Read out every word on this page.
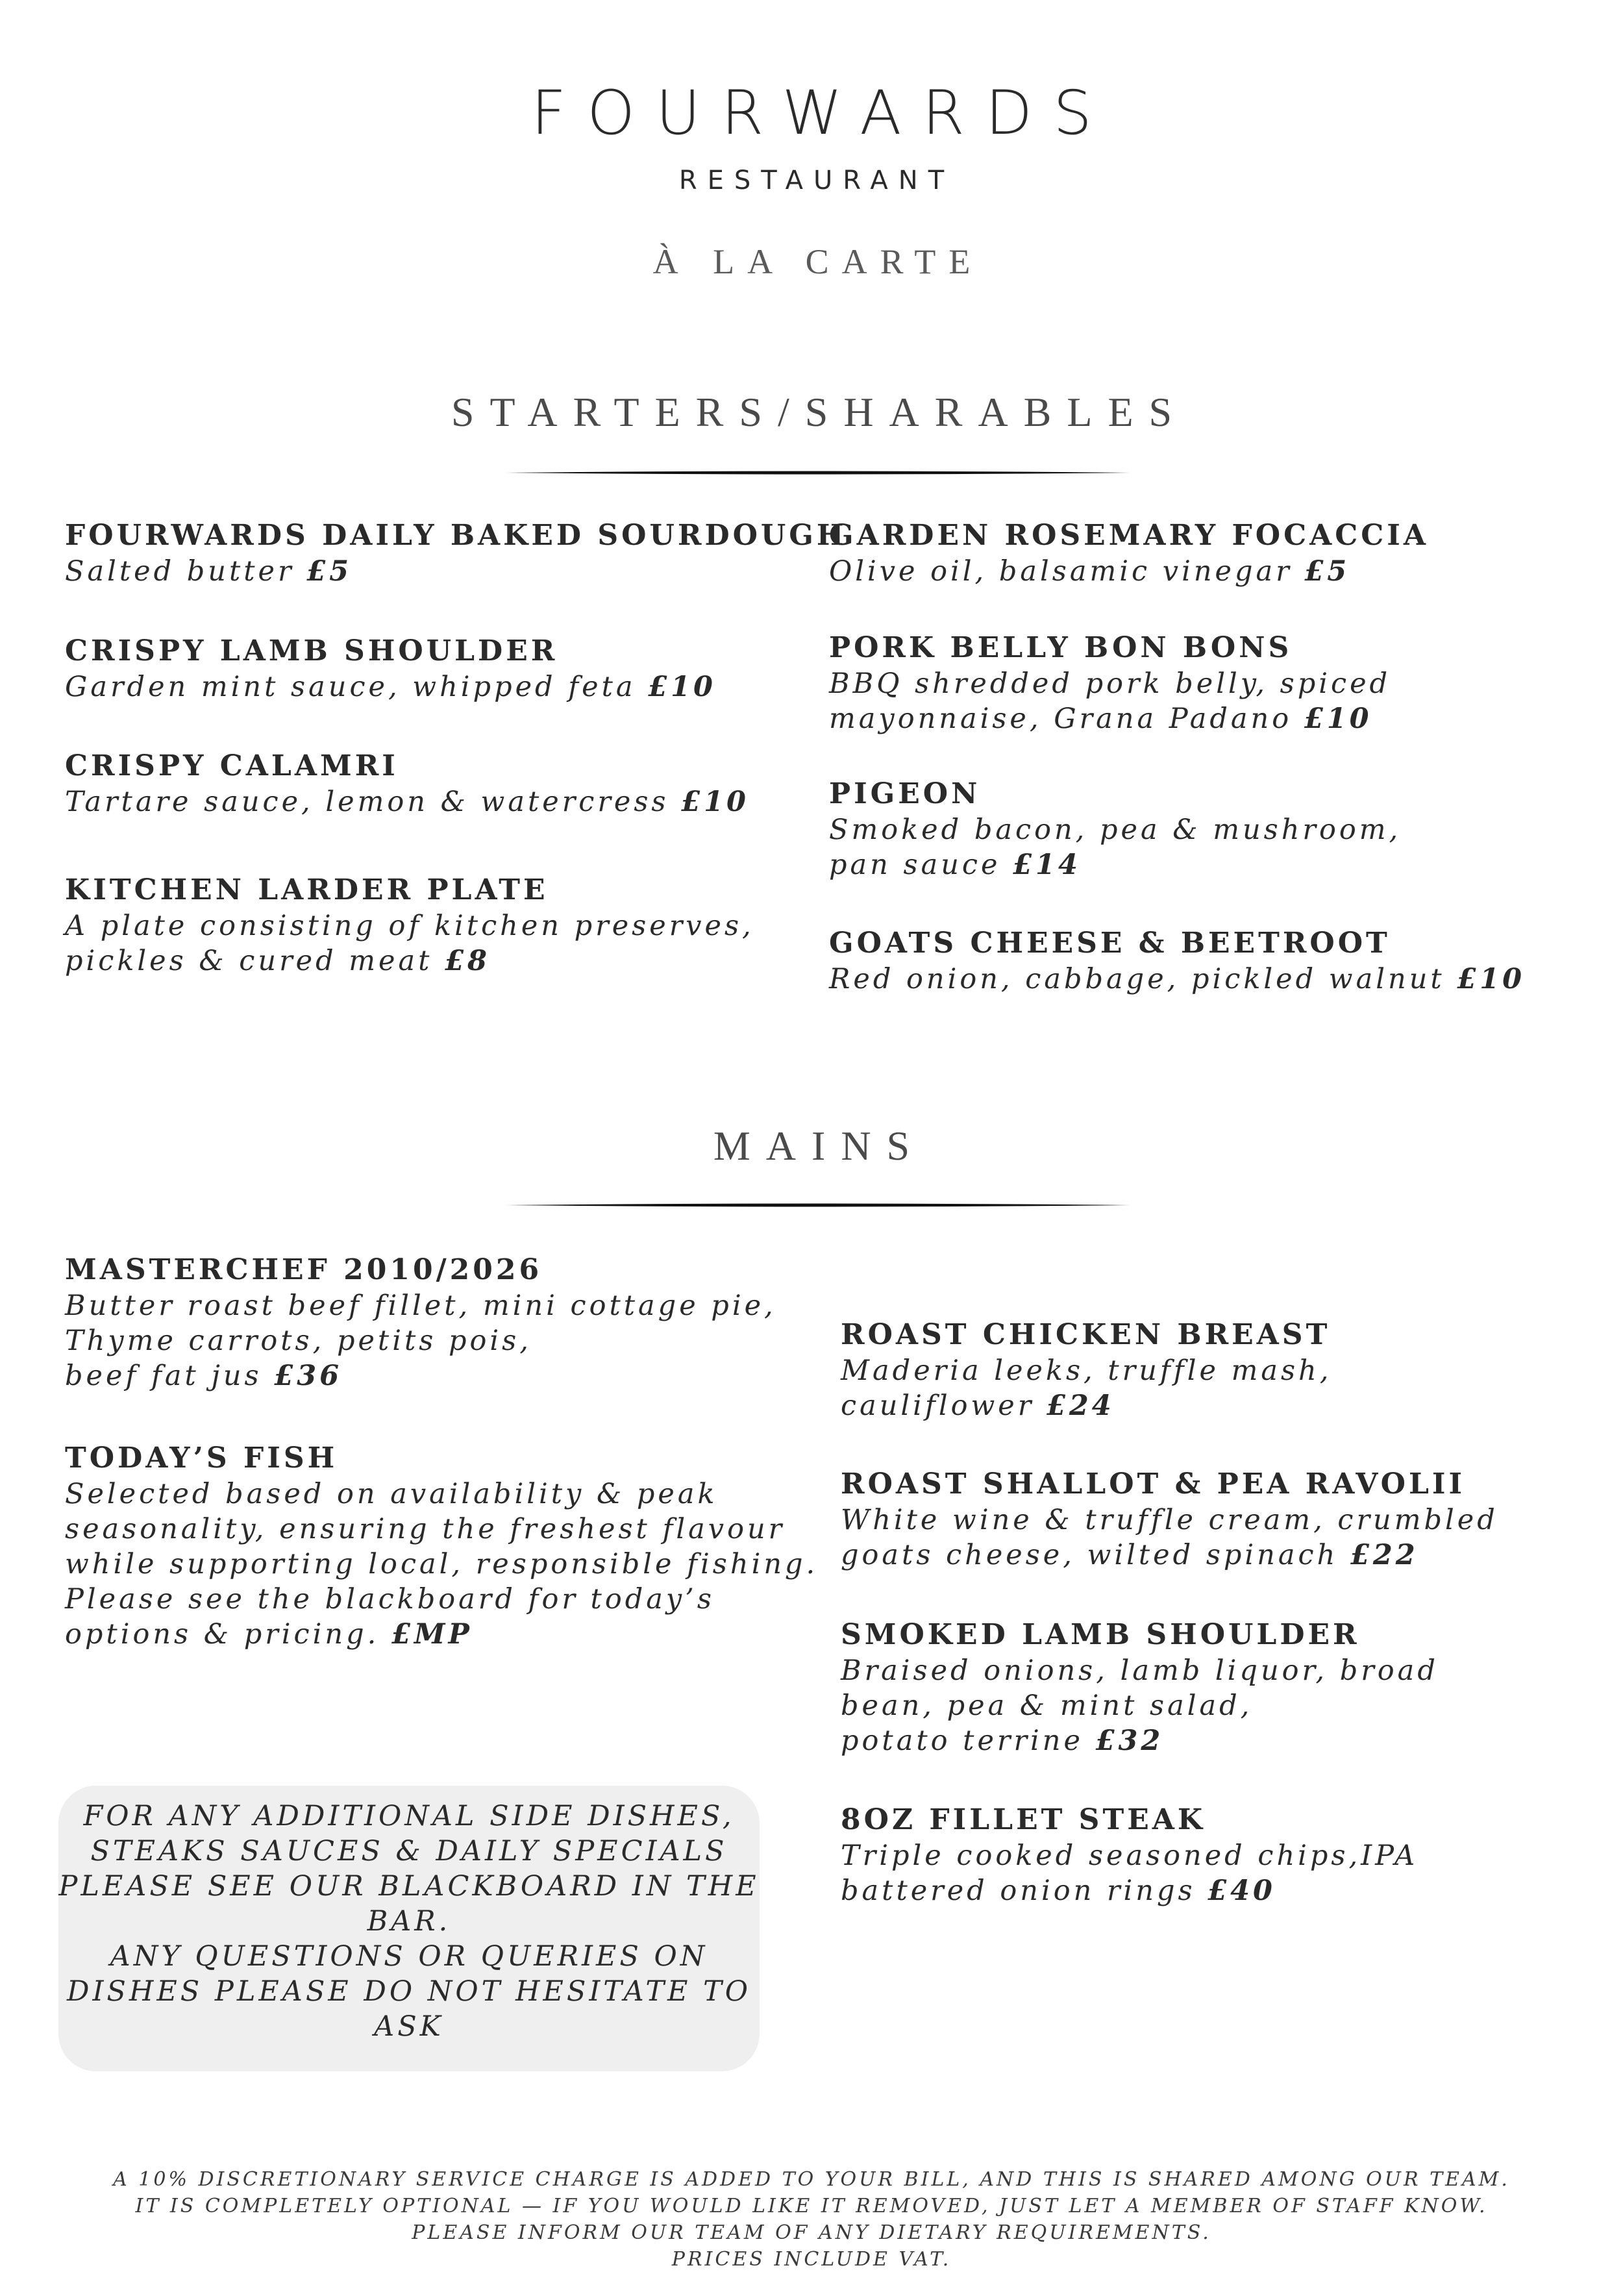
FOURWARDS
RESTAURANT
À LA CARTE
STARTERS/SHARABLES
FOURWARDS DAILY BAKED SOURDOUGH
Salted butter £5
CRISPY LAMB SHOULDER
Garden mint sauce, whipped feta £10
CRISPY CALAMRI
Tartare sauce, lemon & watercress £10
KITCHEN LARDER PLATE
A plate consisting of kitchen preserves,
pickles & cured meat £8
GARDEN ROSEMARY FOCACCIA
Olive oil, balsamic vinegar £5
PORK BELLY BON BONS
BBQ shredded pork belly, spiced
mayonnaise, Grana Padano £10
PIGEON
Smoked bacon, pea & mushroom,
pan sauce £14
GOATS CHEESE & BEETROOT
Red onion, cabbage, pickled walnut £10
MAINS
MASTERCHEF 2010/2026
Butter roast beef fillet, mini cottage pie,
Thyme carrots, petits pois,
beef fat jus £36
TODAY’S FISH
Selected based on availability & peak
seasonality, ensuring the freshest flavour
while supporting local, responsible fishing.
Please see the blackboard for today’s
options & pricing. £MP
ROAST CHICKEN BREAST
Maderia leeks, truffle mash,
cauliflower £24
ROAST SHALLOT & PEA RAVOLII
White wine & truffle cream, crumbled
goats cheese, wilted spinach £22
SMOKED LAMB SHOULDER
Braised onions, lamb liquor, broad
bean, pea & mint salad,
potato terrine £32
8OZ FILLET STEAK
Triple cooked seasoned chips,IPA
battered onion rings £40
FOR ANY ADDITIONAL SIDE DISHES,
STEAKS SAUCES & DAILY SPECIALS
PLEASE SEE OUR BLACKBOARD IN THE
BAR.
ANY QUESTIONS OR QUERIES ON
DISHES PLEASE DO NOT HESITATE TO
ASK
A 10% DISCRETIONARY SERVICE CHARGE IS ADDED TO YOUR BILL, AND THIS IS SHARED AMONG OUR TEAM.
IT IS COMPLETELY OPTIONAL — IF YOU WOULD LIKE IT REMOVED, JUST LET A MEMBER OF STAFF KNOW.
PLEASE INFORM OUR TEAM OF ANY DIETARY REQUIREMENTS.
PRICES INCLUDE VAT.
